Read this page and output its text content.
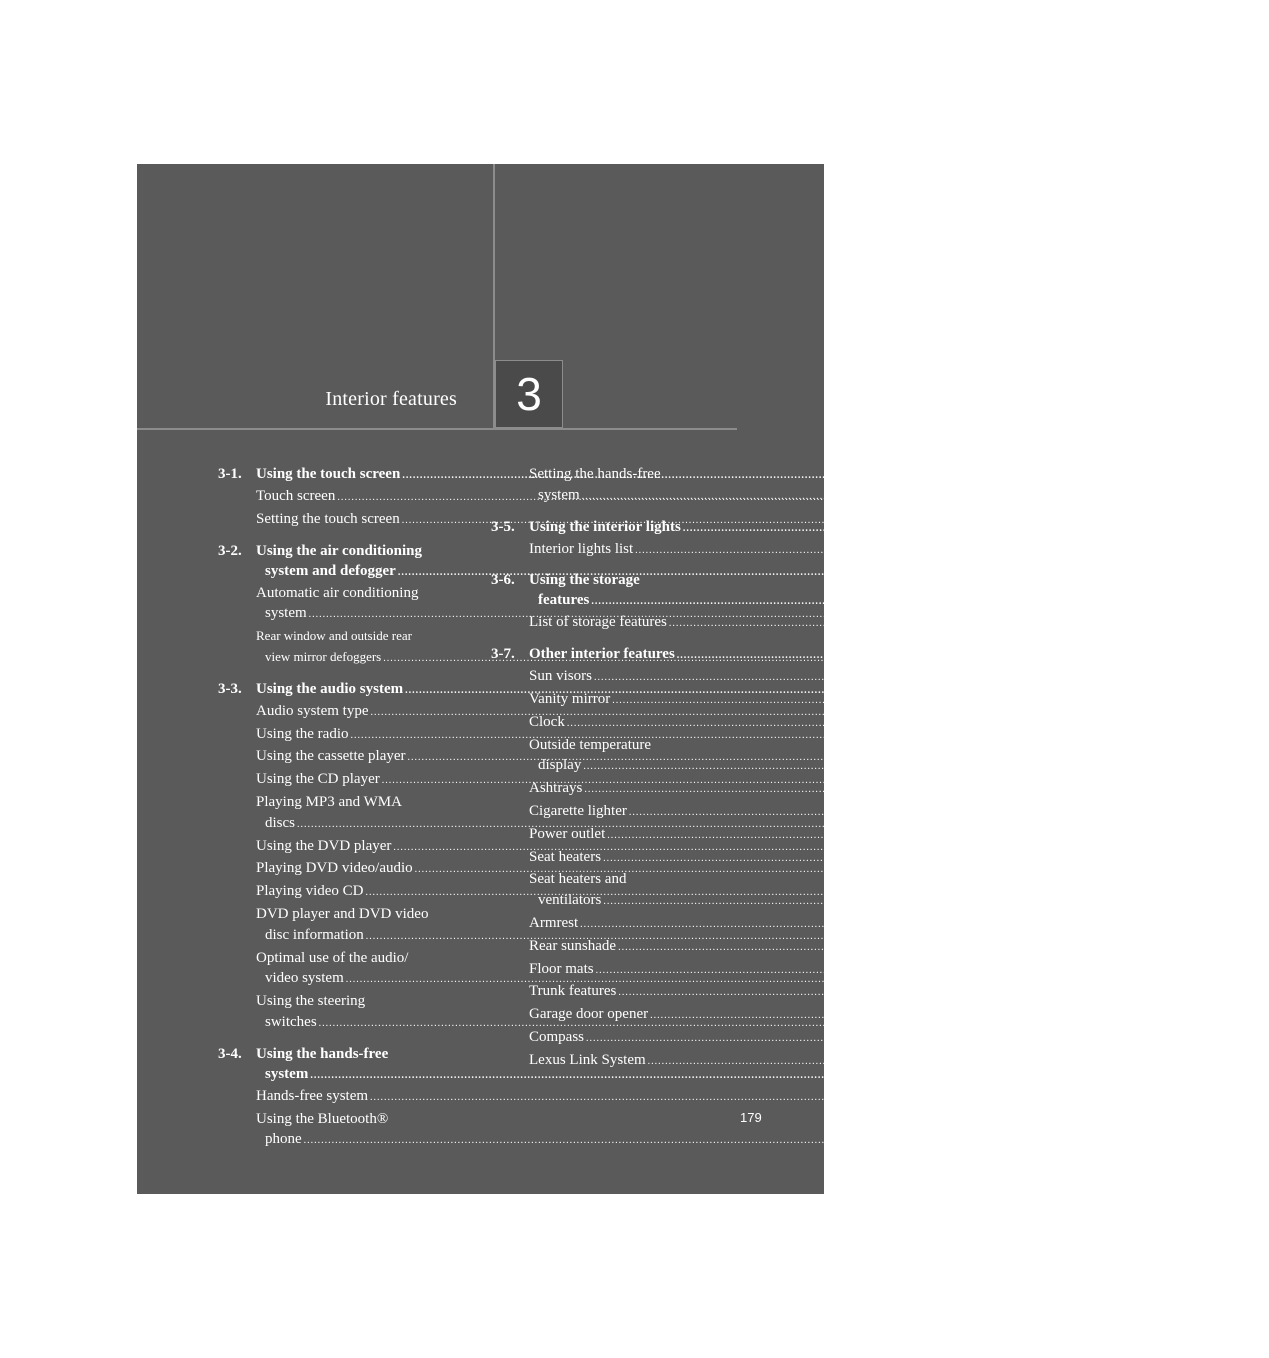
Interior features 3
3-1. Using the touch screen .....	180
Touch screen .....	180
Setting the touch screen .....	184
3-2. Using the air conditioning
system and defogger .....	190
Automatic air conditioning
system .....	190
Rear window and outside rear
view mirror defoggers .....	198
3-3. Using the audio system .....	199
Audio system type .....	199
Using the radio .....	202
Using the cassette player .....	211
Using the CD player .....	215
Playing MP3 and WMA
discs .....	223
Using the DVD player .....	231
Playing DVD video/audio .....	234
Playing video CD .....	247
DVD player and DVD video
disc information .....	251
Optimal use of the audio/
video system .....	255
Using the steering
switches .....	259
3-4. Using the hands-free
system .....	262
Hands-free system .....	262
Using the Bluetooth®
phone .....	267
Setting the hands-free
system .....	280
3-5. Using the interior lights .....	306
Interior lights list .....	306
3-6. Using the storage
features .....	310
List of storage features .....	310
3-7. Other interior features .....	316
Sun visors .....	316
Vanity mirror .....	317
Clock .....	318
Outside temperature
display .....	319
Ashtrays .....	320
Cigarette lighter .....	321
Power outlet .....	322
Seat heaters .....	323
Seat heaters and
ventilators .....	325
Armrest .....	327
Rear sunshade .....	328
Floor mats .....	330
Trunk features .....	331
Garage door opener .....	334
Compass .....	339
Lexus Link System .....	343
179
